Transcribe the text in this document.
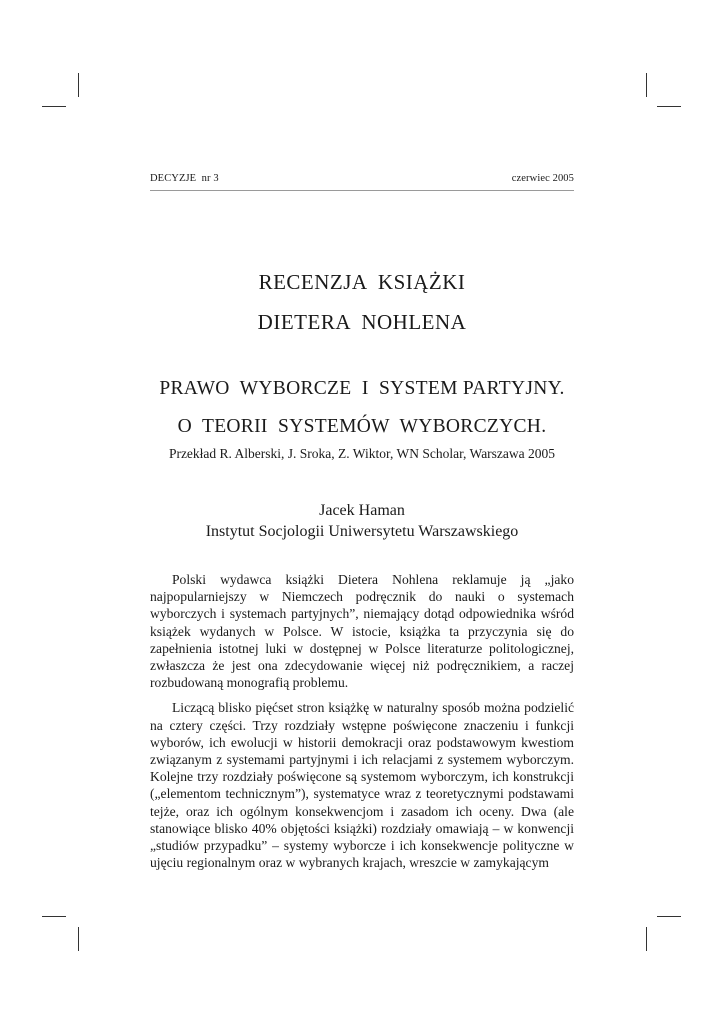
DECYZJE  nr 3	czerwiec 2005
RECENZJA  KSIĄŻKI
DIETERA  NOHLENA
PRAWO  WYBORCZE  I  SYSTEM PARTYJNY.
O  TEORII  SYSTEMÓW  WYBORCZYCH.
Przekład R. Alberski, J. Sroka, Z. Wiktor, WN Scholar, Warszawa 2005
Jacek Haman
Instytut Socjologii Uniwersytetu Warszawskiego

Polski wydawca książki Dietera Nohlena reklamuje ją „jako najpopularniejszy w Niemczech podręcznik do nauki o systemach wyborczych i systemach partyjnych”, niemający dotąd odpowiednika wśród książek wydanych w Polsce. W istocie, książka ta przyczynia się do zapełnienia istotnej luki w dostępnej w Polsce literaturze politologicznej, zwłaszcza że jest ona zdecydowanie więcej niż podręcznikiem, a raczej rozbudowaną monografią problemu.

Liczącą blisko pięćset stron książkę w naturalny sposób można podzielić na cztery części. Trzy rozdziały wstępne poświęcone znaczeniu i funkcji wyborów, ich ewolucji w historii demokracji oraz podstawowym kwestiom związanym z systemami partyjnymi i ich relacjami z systemem wyborczym. Kolejne trzy rozdziały poświęcone są systemom wyborczym, ich konstrukcji („elementom technicznym”), systematyce wraz z teoretycznymi podstawami tejże, oraz ich ogólnym konsekwencjom i zasadom ich oceny. Dwa (ale stanowiące blisko 40% objętości książki) rozdziały omawiają – w konwencji „studiów przypadku” – systemy wyborcze i ich konsekwencje polityczne w ujęciu regionalnym oraz w wybranych krajach, wreszcie w zamykającym
